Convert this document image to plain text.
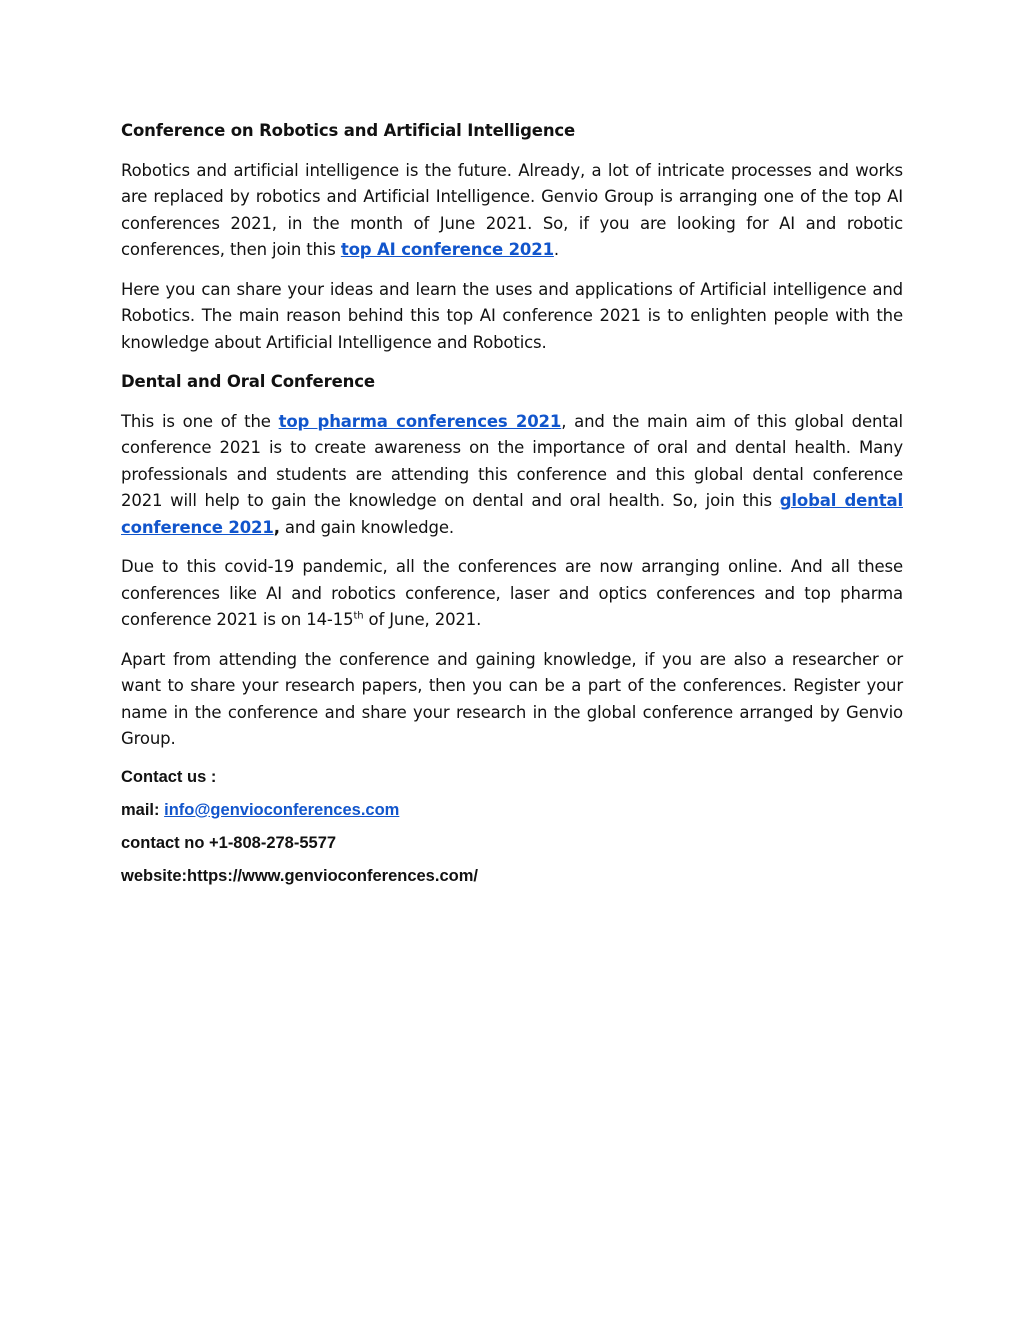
Conference on Robotics and Artificial Intelligence

Robotics and artificial intelligence is the future. Already, a lot of intricate processes and works are replaced by robotics and Artificial Intelligence. Genvio Group is arranging one of the top AI conferences 2021, in the month of June 2021. So, if you are looking for AI and robotic conferences, then join this top AI conference 2021.

Here you can share your ideas and learn the uses and applications of Artificial intelligence and Robotics. The main reason behind this top AI conference 2021 is to enlighten people with the knowledge about Artificial Intelligence and Robotics.

Dental and Oral Conference

This is one of the top pharma conferences 2021, and the main aim of this global dental conference 2021 is to create awareness on the importance of oral and dental health. Many professionals and students are attending this conference and this global dental conference 2021 will help to gain the knowledge on dental and oral health. So, join this global dental conference 2021, and gain knowledge.

Due to this covid-19 pandemic, all the conferences are now arranging online. And all these conferences like AI and robotics conference, laser and optics conferences and top pharma conference 2021 is on 14-15th of June, 2021.

Apart from attending the conference and gaining knowledge, if you are also a researcher or want to share your research papers, then you can be a part of the conferences. Register your name in the conference and share your research in the global conference arranged by Genvio Group.

Contact us :

mail: info@genvioconferences.com

contact no +1-808-278-5577

website:https://www.genvioconferences.com/
